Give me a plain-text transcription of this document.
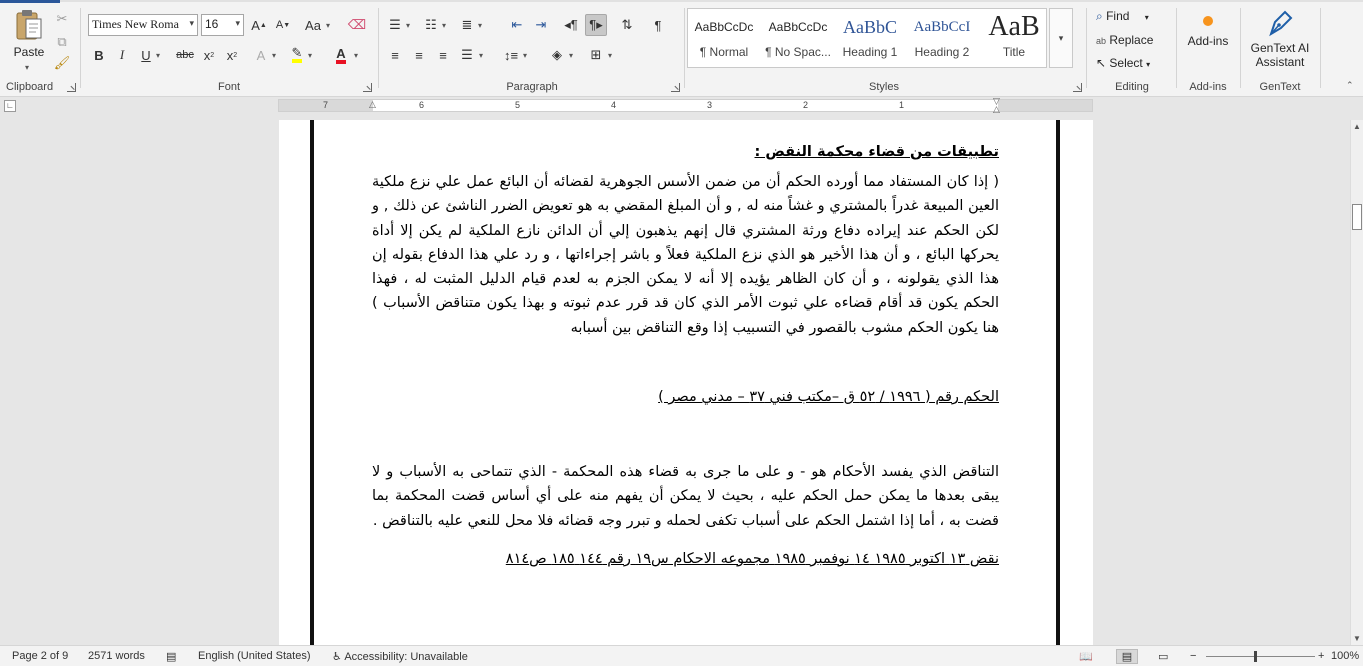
Paste
▾
✂
⧉
🖌
Clipboard
Times New Roma ▾ 16 ▾ A ▲ A ▼ Aa ▾ ⌫
B I U ▾ abc x 2 x 2 A ▾ ✎ ▾ A ▾
Font
☰ ▾ ☷ ▾ ≣ ▾ ⇤ ⇥ ◂¶ ¶▸ ⇅ ¶
≡ ≡ ≡ ☰ ▾ ↕≡ ▾ ◈ ▾ ⊞ ▾
Paragraph
AaBbCcDc
¶ Normal
AaBbCcDc
¶ No Spac...
AaBbC
Heading 1
AaBbCcI
Heading 2
AaB
Title
▾
Styles
⌕ Find ▾
ab Replace
↖ Select ▾
Editing
Add-ins
Add-ins
GenText AI
Assistant
GenText	⌃
∟	7	6	5	4	3	2	1
△	▽
△
تطبيقات من قضاء محكمة النقض :
( إذا كان المستفاد مما أورده الحكم أن من ضمن الأسس الجوهرية لقضائه أن البائع عمل علي نزع ملكية العين المبيعة غدراً بالمشتري و غشاً منه له , و أن المبلغ المقضي به هو تعويض الضرر الناشئ عن ذلك , و لكن الحكم عند إيراده دفاع ورثة المشتري قال إنهم يذهبون إلي أن الدائن نازع الملكية لم يكن إلا أداة يحركها البائع ، و أن هذا الأخير هو الذي نزع الملكية فعلاً و باشر إجراءاتها ، و رد علي هذا الدفاع بقوله إن هذا الذي يقولونه ، و أن كان الظاهر يؤيده إلا أنه لا يمكن الجزم به لعدم قيام الدليل المثبت له ، فهذا الحكم يكون قد أقام قضاءه علي ثبوت الأمر الذي كان قد قرر عدم ثبوته و بهذا يكون متناقض الأسباب ) هنا يكون الحكم مشوب بالقصور في التسبيب إذا وقع التناقض بين أسبابه
الحكم رقم ( ١٩٩٦ / ٥٢ ق –مكتب فني ٣٧ – مدني مصر )
التناقض الذي يفسد الأحكام هو - و على ما جرى به قضاء هذه المحكمة - الذي تتماحى به الأسباب و لا يبقى بعدها ما يمكن حمل الحكم عليه ، بحيث لا يمكن أن يفهم منه على أي أساس قضت المحكمة بما قضت به ، أما إذا اشتمل الحكم على أسباب تكفى لحمله و تبرر وجه قضائه فلا محل للنعي عليه بالتناقض .
نقض ١٣ اكتوبر ١٩٨٥ ١٤ نوفمبر ١٩٨٥ مجموعه الاحكام س١٩ رقم ١٤٤ ١٨٥ ص٨١٤
▲
▼
Page 2 of 9 2571 words ▤ English (United States) ♿ Accessibility: Unavailable	📖	▤	▭ −	+ 100%
